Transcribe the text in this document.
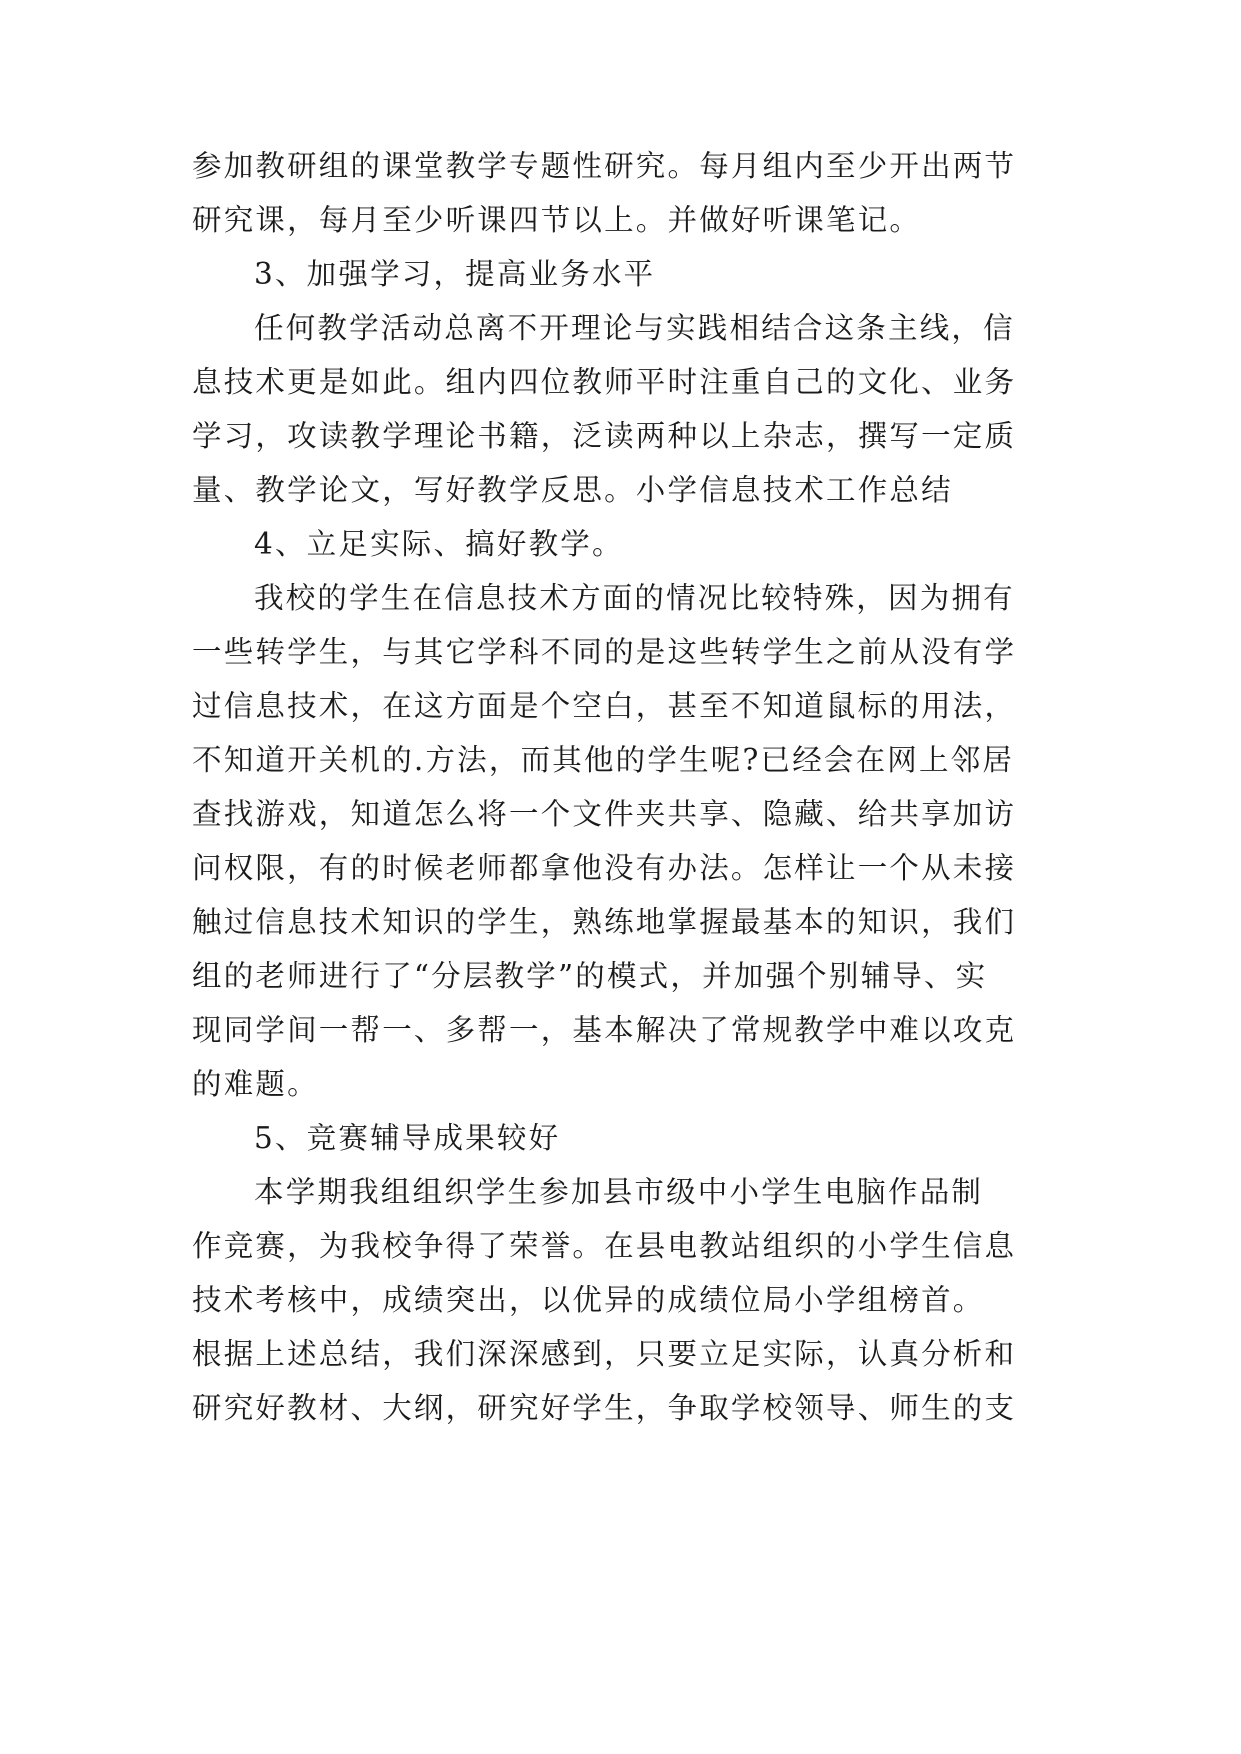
参加教研组的课堂教学专题性研究。每月组内至少开出两节
研究课，每月至少听课四节以上。并做好听课笔记。
3、加强学习，提高业务水平
任何教学活动总离不开理论与实践相结合这条主线，信
息技术更是如此。组内四位教师平时注重自己的文化、业务
学习，攻读教学理论书籍，泛读两种以上杂志，撰写一定质
量、教学论文，写好教学反思。小学信息技术工作总结
4、立足实际、搞好教学。
我校的学生在信息技术方面的情况比较特殊，因为拥有
一些转学生，与其它学科不同的是这些转学生之前从没有学
过信息技术，在这方面是个空白，甚至不知道鼠标的用法，
不知道开关机的.方法，而其他的学生呢?已经会在网上邻居
查找游戏，知道怎么将一个文件夹共享、隐藏、给共享加访
问权限，有的时候老师都拿他没有办法。怎样让一个从未接
触过信息技术知识的学生，熟练地掌握最基本的知识，我们
组的老师进行了“分层教学”的模式，并加强个别辅导、实
现同学间一帮一、多帮一，基本解决了常规教学中难以攻克
的难题。
5、竞赛辅导成果较好
本学期我组组织学生参加县市级中小学生电脑作品制
作竞赛，为我校争得了荣誉。在县电教站组织的小学生信息
技术考核中，成绩突出，以优异的成绩位局小学组榜首。
根据上述总结，我们深深感到，只要立足实际，认真分析和
研究好教材、大纲，研究好学生，争取学校领导、师生的支
